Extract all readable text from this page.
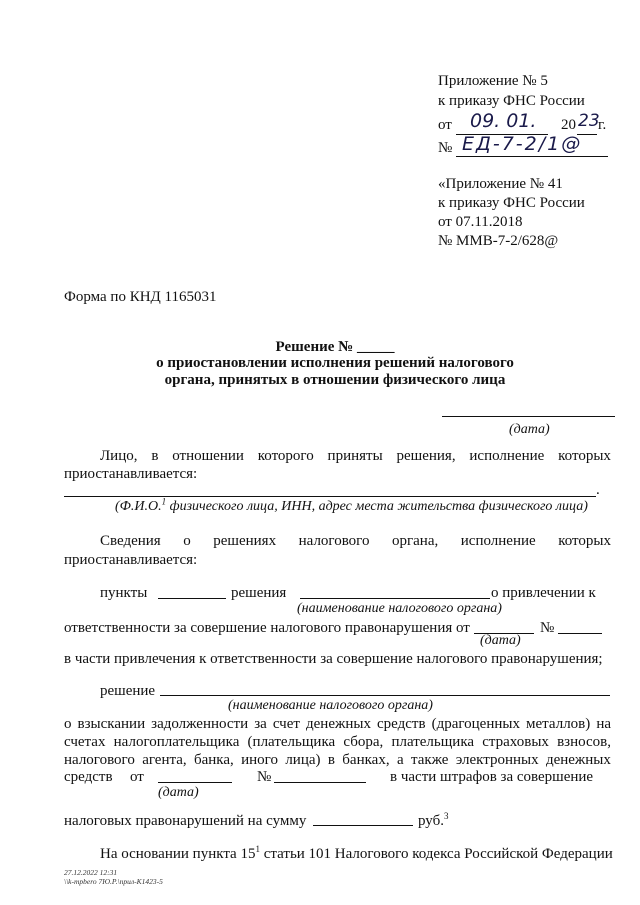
Приложение № 5
к приказу ФНС России
от 09. 01. 20 23
г.
№ ЕД-7-2/1@
«Приложение № 41
к приказу ФНС России
от 07.11.2018
№ ММВ-7-2/628@
Форма по КНД 1165031
Решение № _____
о приостановлении исполнения решений налогового
органа, принятых в отношении физического лица
(дата)
Лицо, в отношении которого приняты решения, исполнение которых
приостанавливается:
.
(Ф.И.О.$^1$ физического лица, ИНН, адрес места жительства физического лица)
Сведения о решениях налогового органа, исполнение которых
приостанавливается:
пункты	решения	о привлечении к
(наименование налогового органа)
ответственности за совершение налогового правонарушения от	№
(дата)
в части привлечения к ответственности за совершение налогового правонарушения;
решение
(наименование налогового органа)
о взыскании задолженности за счет денежных средств (драгоценных металлов) на
счетах налогоплательщика (плательщика сбора, плательщика страховых взносов,
налогового агента, банка, иного лица) в банках, а также электронных денежных
средств от	№	в части штрафов за совершение
(дата)
налоговых правонарушений на сумму	руб.$^3$
На основании пункта $15^1$ статьи 101 Налогового кодекса Российской Федерации
27.12.2022 12:31
\\k-mpbero 7Ю.Р.\прил-К1423-5
